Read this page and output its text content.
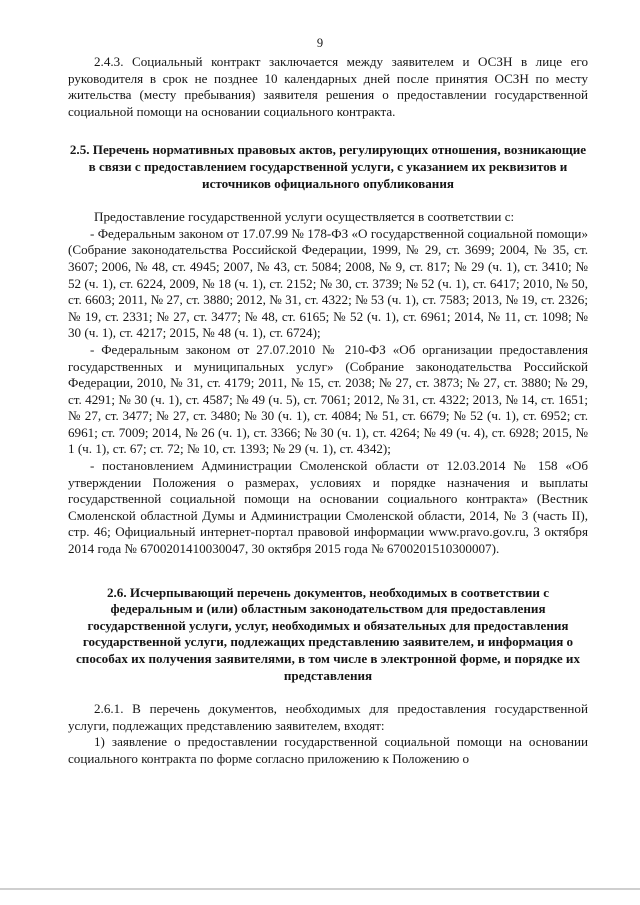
9

2.4.3. Социальный контракт заключается между заявителем и ОСЗН в лице его руководителя в срок не позднее 10 календарных дней после принятия ОСЗН по месту жительства (месту пребывания) заявителя решения о предоставлении государственной социальной помощи на основании социального контракта.

2.5. Перечень нормативных правовых актов, регулирующих отношения, возникающие в связи с предоставлением государственной услуги, с указанием их реквизитов и источников официального опубликования

Предоставление государственной услуги осуществляется в соответствии с:

- Федеральным законом от 17.07.99 № 178-ФЗ «О государственной социальной помощи» (Собрание законодательства Российской Федерации, 1999, № 29, ст. 3699; 2004, № 35, ст. 3607; 2006, № 48, ст. 4945; 2007, № 43, ст. 5084; 2008, № 9, ст. 817; № 29 (ч. 1), ст. 3410; № 52 (ч. 1), ст. 6224, 2009, № 18 (ч. 1), ст. 2152; № 30, ст. 3739; № 52 (ч. 1), ст. 6417; 2010, № 50, ст. 6603; 2011, № 27, ст. 3880; 2012, № 31, ст. 4322; № 53 (ч. 1), ст. 7583; 2013, № 19, ст. 2326; № 19, ст. 2331; № 27, ст. 3477; № 48, ст. 6165; № 52 (ч. 1), ст. 6961; 2014, № 11, ст. 1098; № 30 (ч. 1), ст. 4217; 2015, № 48 (ч. 1), ст. 6724);

- Федеральным законом от 27.07.2010 № 210-ФЗ «Об организации предоставления государственных и муниципальных услуг» (Собрание законодательства Российской Федерации, 2010, № 31, ст. 4179; 2011, № 15, ст. 2038; № 27, ст. 3873; № 27, ст. 3880; № 29, ст. 4291; № 30 (ч. 1), ст. 4587; № 49 (ч. 5), ст. 7061; 2012, № 31, ст. 4322; 2013, № 14, ст. 1651; № 27, ст. 3477; № 27, ст. 3480; № 30 (ч. 1), ст. 4084; № 51, ст. 6679; № 52 (ч. 1), ст. 6952; ст. 6961; ст. 7009; 2014, № 26 (ч. 1), ст. 3366; № 30 (ч. 1), ст. 4264; № 49 (ч. 4), ст. 6928; 2015, № 1 (ч. 1), ст. 67; ст. 72; № 10, ст. 1393; № 29 (ч. 1), ст. 4342);

- постановлением Администрации Смоленской области от 12.03.2014 № 158 «Об утверждении Положения о размерах, условиях и порядке назначения и выплаты государственной социальной помощи на основании социального контракта» (Вестник Смоленской областной Думы и Администрации Смоленской области, 2014, № 3 (часть II), стр. 46; Официальный интернет-портал правовой информации www.pravo.gov.ru, 3 октября 2014 года № 6700201410030047, 30 октября 2015 года № 6700201510300007).

2.6. Исчерпывающий перечень документов, необходимых в соответствии с федеральным и (или) областным законодательством для предоставления государственной услуги, услуг, необходимых и обязательных для предоставления государственной услуги, подлежащих представлению заявителем, и информация о способах их получения заявителями, в том числе в электронной форме, и порядке их представления

2.6.1. В перечень документов, необходимых для предоставления государственной услуги, подлежащих представлению заявителем, входят:

1) заявление о предоставлении государственной социальной помощи на основании социального контракта по форме согласно приложению к Положению о
